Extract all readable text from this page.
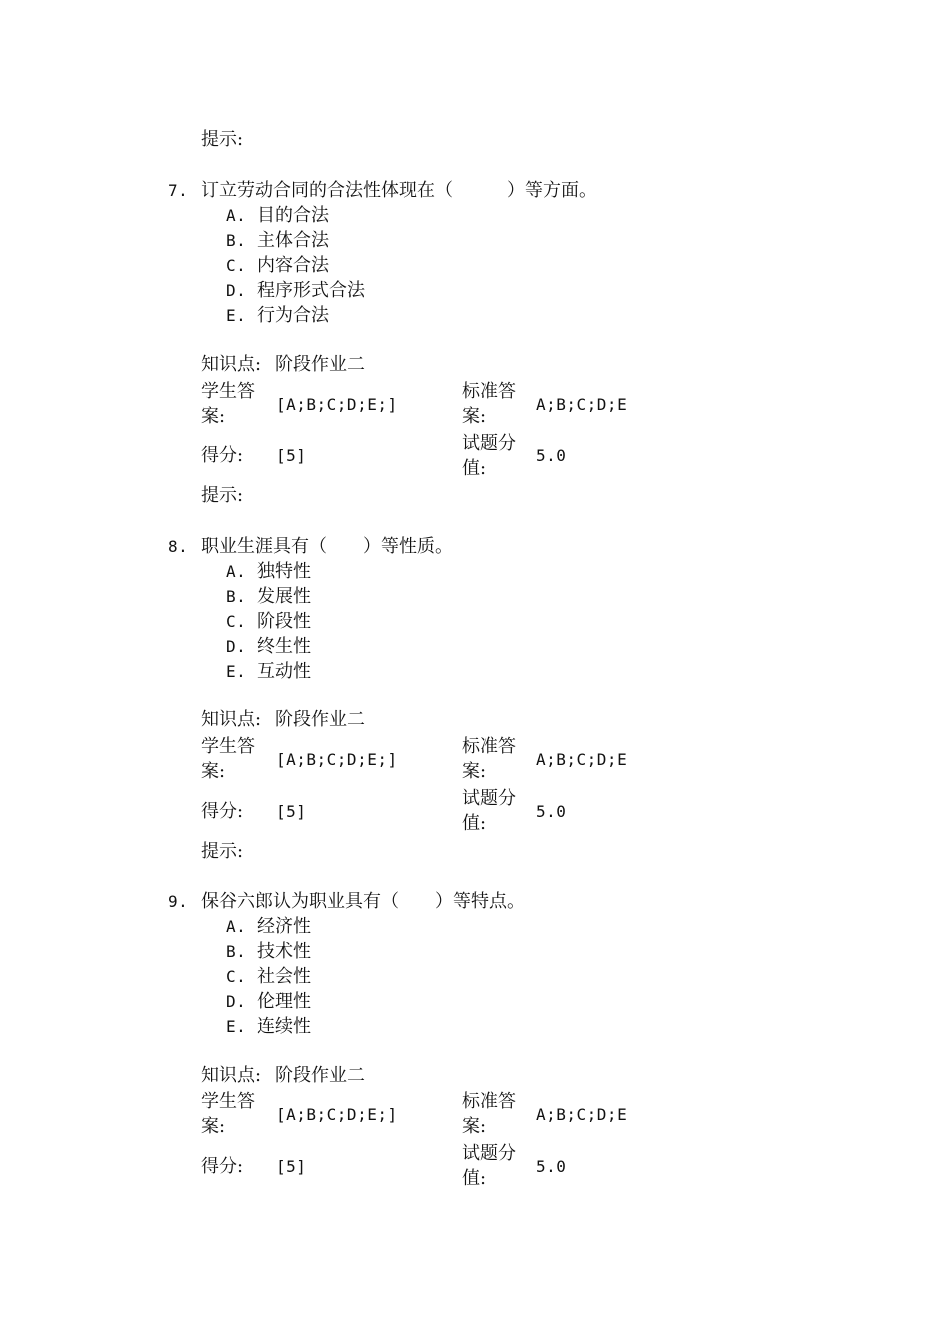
提示:
7. 订立劳动合同的合法性体现在（　　　）等方面。
A. 目的合法
B. 主体合法
C. 内容合法
D. 程序形式合法
E. 行为合法
知识点: 阶段作业二
学生答案:
[A;B;C;D;E;]
标准答案:
A;B;C;D;E
得分: [5]
试题分值:
5.0
提示:
8. 职业生涯具有（　　）等性质。
A. 独特性
B. 发展性
C. 阶段性
D. 终生性
E. 互动性
知识点: 阶段作业二
学生答案:
[A;B;C;D;E;]
标准答案:
A;B;C;D;E
得分: [5]
试题分值:
5.0
提示:
9. 保谷六郎认为职业具有（　　）等特点。
A. 经济性
B. 技术性
C. 社会性
D. 伦理性
E. 连续性
知识点: 阶段作业二
学生答案:
[A;B;C;D;E;]
标准答案:
A;B;C;D;E
得分: [5]
试题分值:
5.0
